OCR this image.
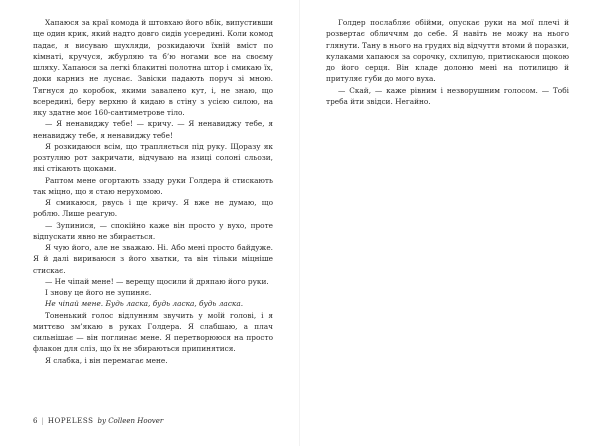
Хапаюся за краї комода й штовхаю його вбік, випустивши ще один крик, який надто довго сидів усередині. Коли комод падає, я висуваю шухляди, розкидаючи їхній вміст по кімнаті, кручуся, жбурляю та б’ю ногами все на своєму шляху. Хапаюся за легкі блакитні полотна штор і смикаю їх, доки карниз не луснає. Завіски падають поруч зі мною. Тягнуся до коробок, якими завалено кут, і, не знаю, що всередині, беру верхню й кидаю в стіну з усією силою, на яку здатне моє 160-сантиметрове тіло.

— Я ненавиджу тебе! — кричу. — Я ненавиджу тебе, я ненавиджу тебе, я ненавиджу тебе!

Я розкидаюся всім, що трапляється під руку. Щоразу як розтуляю рот закричати, відчуваю на язиці солоні сльози, які стікають щоками.

Раптом мене огортають ззаду руки Голдера й стискають так міцно, що я стаю нерухомою.

Я смикаюся, рвусь і ще кричу. Я вже не думаю, що роблю. Лише реагую.

— Зупинися, — спокійно каже він просто у вухо, проте відпускати явно не збирається.

Я чую його, але не зважаю. Ні. Або мені просто байдуже. Я й далі вириваюся з його хватки, та він тільки міцніше стискає.

— Не чіпай мене! — верещу щосили й дряпаю його руки.

І знову це його не зупиняє.

Не чіпай мене. Будь ласка, будь ласка, будь ласка.

Тоненький голос відлунням звучить у моїй голові, і я миттєво зм’якаю в руках Голдера. Я слабшаю, а плач сильнішає — він поглинає мене. Я перетворююся на просто флакон для сліз, що їх не збираються припинятися.

Я слабка, і він перемагає мене.

6 | HOPELESS by Colleen Hoover

Голдер послабляє обійми, опускає руки на мої плечі й розвертає обличчям до себе. Я навіть не можу на нього глянути. Тану в нього на грудях від відчуття втоми й поразки, кулаками хапаюся за сорочку, схлипую, притискаюся щокою до його серця. Він кладе долоню мені на потилицю й притуляє губи до мого вуха.

— Скай, — каже рівним і незворушним голосом. — Тобі треба йти звідси. Негайно.
